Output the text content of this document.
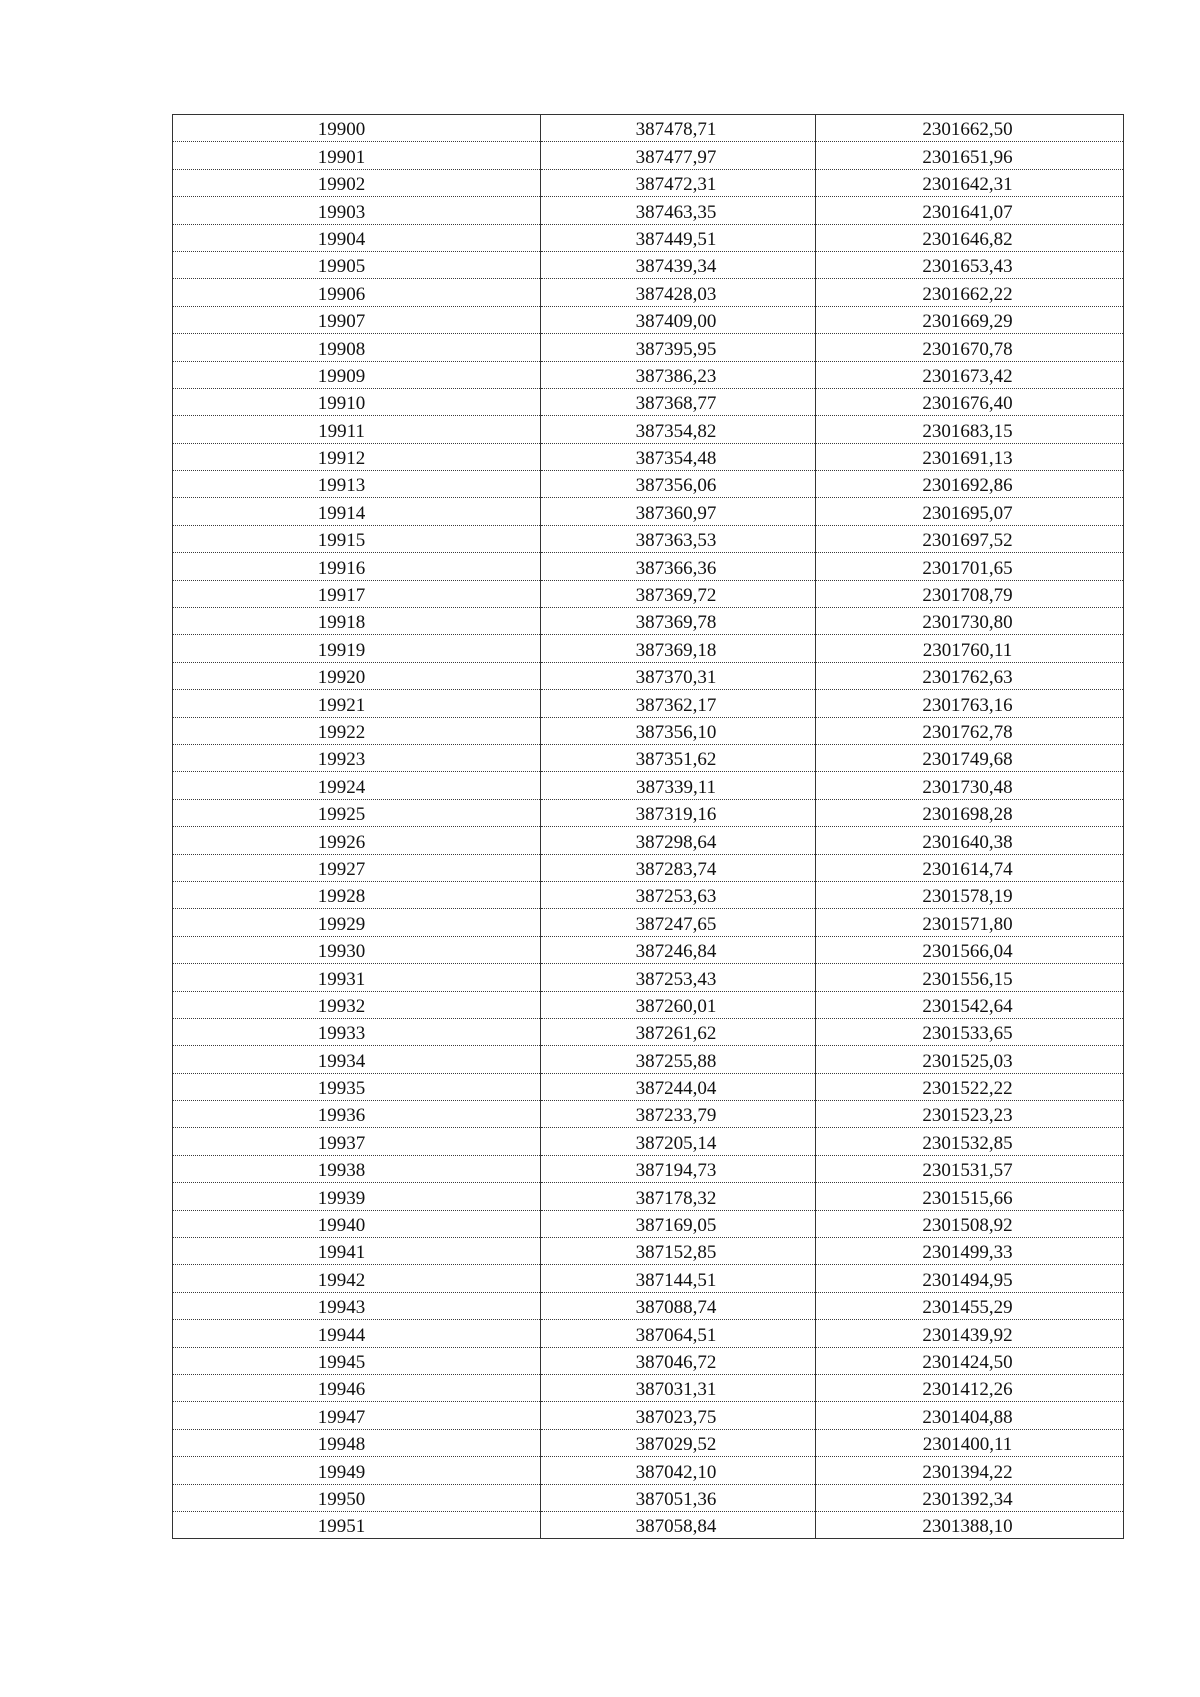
19900	387478,71	2301662,50
19901	387477,97	2301651,96
19902	387472,31	2301642,31
19903	387463,35	2301641,07
19904	387449,51	2301646,82
19905	387439,34	2301653,43
19906	387428,03	2301662,22
19907	387409,00	2301669,29
19908	387395,95	2301670,78
19909	387386,23	2301673,42
19910	387368,77	2301676,40
19911	387354,82	2301683,15
19912	387354,48	2301691,13
19913	387356,06	2301692,86
19914	387360,97	2301695,07
19915	387363,53	2301697,52
19916	387366,36	2301701,65
19917	387369,72	2301708,79
19918	387369,78	2301730,80
19919	387369,18	2301760,11
19920	387370,31	2301762,63
19921	387362,17	2301763,16
19922	387356,10	2301762,78
19923	387351,62	2301749,68
19924	387339,11	2301730,48
19925	387319,16	2301698,28
19926	387298,64	2301640,38
19927	387283,74	2301614,74
19928	387253,63	2301578,19
19929	387247,65	2301571,80
19930	387246,84	2301566,04
19931	387253,43	2301556,15
19932	387260,01	2301542,64
19933	387261,62	2301533,65
19934	387255,88	2301525,03
19935	387244,04	2301522,22
19936	387233,79	2301523,23
19937	387205,14	2301532,85
19938	387194,73	2301531,57
19939	387178,32	2301515,66
19940	387169,05	2301508,92
19941	387152,85	2301499,33
19942	387144,51	2301494,95
19943	387088,74	2301455,29
19944	387064,51	2301439,92
19945	387046,72	2301424,50
19946	387031,31	2301412,26
19947	387023,75	2301404,88
19948	387029,52	2301400,11
19949	387042,10	2301394,22
19950	387051,36	2301392,34
19951	387058,84	2301388,10
